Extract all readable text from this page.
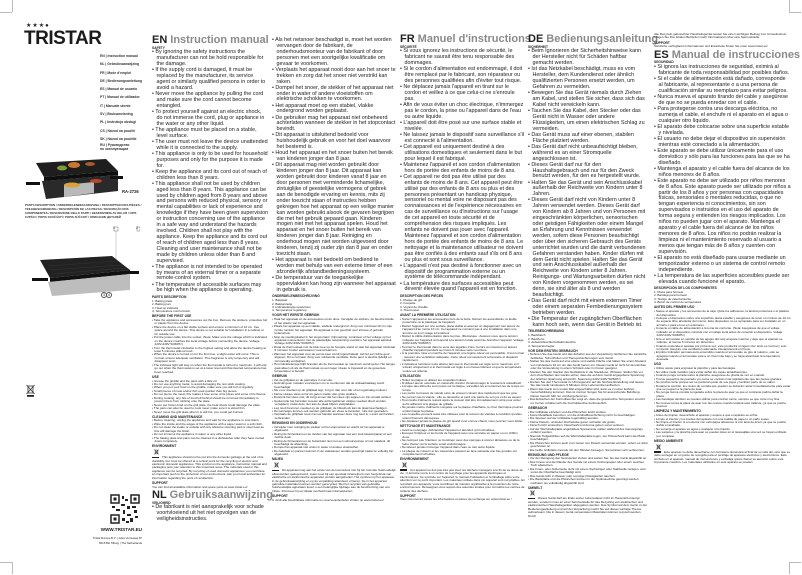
★★★●
TRISTAR
EN | Instruction manual
NL | Gebruiksaanwijzing
FR | Mode d'emploi
DE | Bedienungsanleitung
ES | Manual de usuario
PT | Manual de utilizador
IT | Manuale utente
SV | Bruksanvisning
PL | Instrukcja obsługi
CS | Návod na použití
SK | Návod na použitie
RU | Руководство по эксплуатации
RA-2726
PARTS DESCRIPTION / ONDERDELENBESCHRIJVING / DESCRIPTION DES PIÈCES / TEILEBESCHREIBUNG / DESCRIPCIÓN DE LAS PIEZAS / DESCRIÇÃO DOS COMPONENTES / DESCRIZIONE DELLE PARTI / BESKRIVNING AV DELAR / OPIS CZĘŚCI / POPIS SOUČÁSTÍ / POPIS SÚČASTÍ / ОПИСАНИЕ ДЕТАЛЕЙ
3 4
1	2
WWW.TRISTAR.EU
Tristar Europe B.V. | Jules Verneweg 87
5015 BH Tilburg | The Netherlands
EN Instruction manual
SAFETY
• By ignoring the safety instructions the manufacturer can not be hold responsible for the damage.
• If the supply cord is damaged, it must be replaced by the manufacturer, its service agent or similarly qualified persons in order to avoid a hazard.
• Never move the appliance by pulling the cord and make sure the cord cannot become entangled.
• To protect yourself against an electric shock, do not immerse the cord, plug or appliance in the water or any other liquid.
• The appliance must be placed on a stable, level surface.
• The user must not leave the device unattended while it is connected to the supply.
• This appliance is only to be used for household purposes and only for the purpose it is made for.
• Keep the appliance and its cord out of reach of children less than 8 years.
• This appliance shall not be used by children aged less than 8 years. This appliance can be used by children aged from 8 years and above and persons with reduced physical, sensory or mental capabilities or lack of experience and knowledge if they have been given supervision or instruction concerning use of the appliance in a safe way and understand the hazards involved. Children shall not play with the appliance. Keep the appliance and its cord out of reach of children aged less than 8 years. Cleaning and user maintenance shall not be made by children unless older than 8 and supervised.
• The appliance is not intended to be operated by means of an external timer or a separate remote-control system.
• The temperature of accessible surfaces may be high when the appliance is operating.
PARTS DESCRIPTION
1. Baking plate
2. Baking pan
3. Heat up indicator
4. Temperature control knob
BEFORE THE FIRST USE
• Take the appliance and accessories out the box. Remove the stickers, protective foil or plastic from the device.
• Place the device on a flat stable surface and ensure a minimum of 10 cm. free space around the device. This device is not suitable for installation in a cabinet or for outside use.
• Put the power cable into the socket. (Note: Make sure the voltage which is indicated on the device matches the local voltage before connecting the device. Voltage 220V-240V 50/60Hz)
• Turn the thermostat clockwise to the highest setting and allow the device heating at least 5 minutes without food.
• When the device is turned on for the first time, a slight odour will occur. This is normal, ensure adequate ventilation. This fragrance is only temporary and will disappear soon.
• The indicator light will stay on when the thermostat is turned to maximum, it will only go out when the thermostat is set at a lower level and that desired temperature has been reached.
USE
• Grease the griddle and the pans with a little oil.
• Do not use anything metal, to avoid damaging the non-stick coating.
• When you put your food on the griddle, make sure you will turn it regularly.
• Small pieces of meat and/or fish cook quicker than big pieces.
• Do not pierce the meat; this makes it lose some of its juices and some of its flavour.
• During cooking, any bits of food left behind should be removed immediately to prevent them from sticking onto the plate.
• Never put frozen food on the grill plate, the heat shock could damage the plate.
• The pans can also be used to cook meat; make sure it is sliced thin.
• Never move the grill plate when it is still hot, you could get burned.
CLEANING AND MAINTENANCE
• Before cleaning, unplug the appliance and wait for the appliance to cool down.
• Wipe the inside and the edges of the appliance with a paper towel or a soft cloth.
• Do not clean the inside or outside with any abrasive scouring pad or steel wool as this will damage the finish.
• Do not immerse the appliance in water or any other liquid.
• The baking plate and pans can be cleaned in a dishwasher after they have cooled down completely.
ENVIRONMENT
This appliance should not be put into the domestic garbage at the end of its durability, but must be offered at a central point for the recycling of electric and electronic domestic appliances. This symbol on the appliance, instruction manual and packaging puts your attention to this important issue. The materials used in this appliance can be recycled. By recycling of used domestic appliances you contribute an important push to the protection of our environment. Ask your local authorities for information regarding the point of recollection.
SUPPORT
You can find all available information and spare parts at www.tristar.eu!
NL Gebruiksaanwijzing
VEILIGHEID
• De fabrikant is niet aansprakelijk voor schade voortvloeiend uit het niet opvolgen van de veiligheidsinstructies.
• Als het netsnoer beschadigd is, moet het worden vervangen door de fabrikant, de onderhoudsmonteur van de fabrikant of door personen met een soortgelijke kwalificatie om gevaar te voorkomen.
• Verplaats het apparaat nooit door aan het snoer te trekken en zorg dat het snoer niet verstrikt kan raken.
• Dompel het snoer, de stekker of het apparaat niet onder in water of andere vloeistoffen om elektrische schokken te voorkomen.
• Het apparaat moet op een stabiel, vlakke ondergrond worden geplaatst.
• De gebruiker mag het apparaat niet onbeheerd achterlaten wanneer de stekker in het stopcontact bevindt.
• Dit apparaat is uitsluitend bedoeld voor huishoudelijk gebruik en voor het doel waarvoor het bestemd is.
• Houd het apparaat en het snoer buiten het bereik van kinderen jonger dan 8 jaar.
• Dit apparaat mag niet worden gebruikt door kinderen jonger dan 8 jaar. Dit apparaat kan worden gebruikt door kinderen vanaf 8 jaar en door personen met verminderde lichamelijke, zintuiglijke of geestelijke vermogens of gebrek aan de benodigde ervaring en kennis, mits zij onder toezicht staan of instructies hebben gekregen hoe het apparaat op een veilige manier kan worden gebruikt alsook de gevaren begrijpen die met het gebruik gepaard gaan. Kinderen mogen niet met het apparaat spelen. Houd het apparaat en het snoer buiten het bereik van kinderen jonger dan 8 jaar. Reiniging en onderhoud mogen niet worden uitgevoerd door kinderen, tenzij zij ouder zijn dan 8 jaar en onder toezicht staan.
• Het apparaat is niet bedoeld om bediend te worden met behulp van een externe timer of een afzonderlijk afstandbedieningssysteem.
• De temperatuur van de toegankelijke oppervlakken kan hoog zijn wanneer het apparaat in gebruik is.
ONDERDELENBESCHRIJVING
1. Bakplaat
2. Bakpannetje
3. Indicatielampje opwarmen
4. Temperatuur regelknop
VOOR HET EERSTE GEBRUIK
• Haal het apparaat en de accessoires uit de doos. Verwijder de stickers, de beschermfolie of het plastic van het apparaat.
• Plaats het apparaat op een vlakke, stabiele ondergrond. Zorg voor minimaal 10 cm vrije ruimte rondom het apparaat. Dit apparaat is niet geschikt voor inbouw of gebruik buitenshuis.
• Stop de voedingskabel in het stopcontact. (Opmerking: controleer of het voltage op het apparaat overeenkomt met de plaatselijke netspanning voordat u het apparaat aansluit. Voltage 220V-240V 50/60Hz)
• Draai de thermostaat met de klok mee op de hoogste stand en laat het apparaat minimaal 5 minuten zonder etenswaren voorverwarmen.
• Wanneer het apparaat voor de eerste keer wordt ingeschakeld, zal het een lichte geur afgeven. Dit is normaal. Zorg voor voldoende ventilatie. Deze geur is slechts tijdelijk en zal spoedig verdwijnen.
• Het indicatielampje blijft branden als de thermostaat op maximum wordt gezet. Het lampje gaat alleen uit als de thermostaat op een lager niveau is ingesteld en de gewenste temperatuur is bereikt.
GEBRUIK
• Vet de grillplaat en de pannetjes in met olie.
• Gebruik geen metalen voorwerpen om te voorkomen dat de antiaanbaklaag wordt beschadigd.
• Als u uw voedsel op de grillplaat legt, zorg er dan voor dat u het regelmatig omkeert.
• Kleine stukjes vlees en/of vis garen sneller dan grote stukken.
• Doorprik het vlees niet; dit zorgt ervoor dat het vlees zijn sappen en zijn smaak verliest.
• Gedurende het bereiden moeten alle achtergebleven stukjes voedsel direct worden verwijderd, zodat deze niet aan de plaat blijven vastplakken.
• Leg nooit bevroren voedsel op de grillplaat; de hitteshock kan de plaat beschadigen.
• De pannetjes kunnen ook worden gebruikt om vlees te bereiden, mits dun gesneden.
• Verplaats de grillplaat nooit met uw handen wanneer deze nog heet is; u kunt uw handen verbranden.
REINIGING EN ONDERHOUD
• Verwijder voor reiniging de stekker uit het stopcontact en wacht tot het apparaat is afgekoeld.
• Reinig de binnenkant en de randen van het apparaat met een stuk keukenpapier of een zachte doek.
• Reinig de binnenkant en de buitenkant niet met een schuursponsje of met staalwol, dit beschadigt de afwerking.
• Dompel het apparaat niet onder in water of andere vloeistoffen.
• De bakplaat en pannen kunnen in de vaatwasser worden gereinigd nadat ze volledig zijn afgekoeld.
MILIEU
Dit apparaat mag aan het einde van de levensduur niet bij het normale huishoudelijk afval worden gedeponeerd, maar moet bij een speciaal inzamelpunt voor hergebruik van elektrische en elektronische apparaten worden aangeboden. Het symbool op het apparaat, in de gebruiksaanwijzing en op de verpakking attendeert u hierop. De in het apparaat gebruikte materialen kunnen worden gerecycled. Met het recyclen van gebruikte huishoudelijke apparaten levert u een belangrijke bijdrage aan de bescherming van ons milieu. Informeer bij uw lokale overheid naar inzamelpunten.
SUPPORT
U vindt alle beschikbare informatie en reserveonderdelen vinden op www.tristar.eu!
FR Manuel d'instructions
SÉCURITÉ
• Si vous ignorez les instructions de sécurité, le fabricant ne saurait être tenu responsable des dommages.
• Si le cordon d'alimentation est endommagé, il doit être remplacé par le fabricant, son réparateur ou des personnes qualifiées afin d'éviter tout risque.
• Ne déplacez jamais l'appareil en tirant sur le cordon et veillez à ce que celui-ci ne s'enroule pas.
• Afin de vous éviter un choc électrique, n'immergez pas le cordon, la prise ou l'appareil dans de l'eau ou autre liquide.
• L'appareil doit être posé sur une surface stable et nivelée.
• Ne laissez jamais le dispositif sans surveillance s'il est connecté à l'alimentation.
• Cet appareil est uniquement destiné à des utilisations domestiques et seulement dans le but pour lequel il est fabriqué.
• Maintenez l'appareil et son cordon d'alimentation hors de portée des enfants de moins de 8 ans.
• Cet appareil ne doit pas être utilisé par des enfants de moins de 8 ans. Cet appareil peut être utilisé par des enfants de 8 ans ou plus et des personnes présentant un handicap physique, sensoriel ou mental voire ne disposant pas des connaissances et de l'expérience nécessaires en cas de surveillance ou d'instructions sur l'usage de cet appareil en toute sécurité et de compréhension des risques impliqués. Les enfants ne doivent pas jouer avec l'appareil. Maintenez l'appareil et son cordon d'alimentation hors de portée des enfants de moins de 8 ans. Le nettoyage et la maintenance utilisateur ne doivent pas être confiés à des enfants sauf s'ils ont 8 ans ou plus et sont sous surveillance.
• L'appareil n'est pas destiné à fonctionner avec un dispositif de programmation externe ou un système de télécommande indépendant.
• La température des surfaces accessibles peut devenir élevée quand l'appareil est en fonction.
DESCRIPTION DES PIÈCES
1. Plaque de gril
2. Coupelle
3. Voyant de chauffe
4. Thermostat
AVANT LA PREMIÈRE UTILISATION
• Sortez l'appareil et les accessoires hors de la boîte. Retirez les autocollants, la feuille protectrice ou le plastique de l'appareil.
• Mettez l'appareil sur une surface plane stable et assurez un dégagement tout autour de l'appareil d'au moins 10 cm. Cet appareil ne convient pas à une installation dans une armoire ou à un usage à l'extérieur.
• Mettez le câble d'alimentation dans la prise. (Remarque : Assurez-vous que la tension indiquée sur l'appareil correspond à la tension locale avant de brancher l'appareil. Voltage 220V-240V 50/60Hz)
• Tournez le thermostat dans le sens des aiguilles d'une montre au maximum et laissez chauffer l'appareil pendant au moins 5 minutes sans nourriture.
• À la première mise en marche de l'appareil, une légère odeur est perceptible. C'est normal ; assurez une ventilation adéquate. Cette odeur est seulement temporaire et disparaît rapidement.
• L'indicateur lumineux reste allumé tant que le thermostat est réglé sur le maximum et il s'éteint uniquement si le thermostat est réglé à un niveau inférieur et que la température voulue est atteinte.
UTILISATION
• Huilez la plaque et utilisez les coupelles huilées.
• N'utilisez aucun ustensile en métal afin d'éviter d'endommager le revêtement antiadhésif.
• Lorsque des aliments sont posés sur la plaque, surveillez-les et retournez-les de temps en temps.
• Les petits morceaux de viande et/ou de poisson cuisent plus rapidement que les gros.
• Ne percez pas la viande ; elle se dessèche et perd une partie de son jus et de sa saveur.
• Tout résidu d'aliments restant après la cuisson doit être immédiatement retiré pour éviter qu'ils adhèrent à la plaque de grillade.
• Ne jamais mettre d'aliments congelés sur la plaque chauffante, le choc thermique pourrait endommager la plaque.
• Les coupelles peuvent aussi être utilisées pour la cuisson de viandes à condition qu'elles soient finement découpées.
• Ne déplacez jamais la plaque du gril quand il est encore chaud, vous pourriez vous brûler.
NETTOYAGE ET MAINTENANCE
• Avant le nettoyage, débranchez l'appareil et attendez qu'il refroidisse.
• Essuyez l'intérieur et les bords de l'appareil avec une serviette en papier ou un chiffon doux.
• Ne nettoyez pas l'intérieur ou l'extérieur avec des éponges à récurer abrasives ou de la laine d'acier car la surface serait endommagée.
• Ne laissez jamais immerger l'appareil dans l'eau ou tout autre liquide.
• La plaque de cuisson et les casseroles passent au lave-vaisselle une fois qu'elles ont complètement refroidies.
ENVIRONNEMENT
Cet appareil ne doit pas être jeté avec les déchets ménagers à la fin de sa durée de vie ; il doit être remis à un centre de recyclage pour les appareils électriques et électroniques. Ce symbole sur l'appareil, le manuel d'utilisation et l'emballage attire votre attention sur ce point important. Les matériaux utilisés dans cet appareil sont recyclables. En recyclant vos appareils, vous contribuez de manière significative à la protection de notre environnement. Renseignez-vous auprès des autorités locales pour connaître les centres de collecte des déchets.
SUPPORT
Vous retrouverez toutes les informations et pièces de rechange sur www.tristar.eu !
DE Bedienungsanleitung
SICHERHEIT
• Beim Ignorieren der Sicherheitshinweise kann der Hersteller nicht für Schäden haftbar gemacht werden.
• Ist das Netzkabel beschädigt, muss es vom Hersteller, dem Kundendienst oder ähnlich qualifizierten Personen ersetzt werden, um Gefahren zu vermeiden.
• Bewegen Sie das Gerät niemals durch Ziehen am Kabel, und stellen Sie sicher, dass sich das Kabel nicht verwickeln kann.
• Tauchen Sie das Kabel, den Stecker oder das Gerät nicht in Wasser oder andere Flüssigkeiten, um einen elektrischen Schlag zu vermeiden.
• Das Gerät muss auf einer ebenen, stabilen Fläche platziert werden.
• Das Gerät darf nicht unbeaufsichtigt bleiben, während es an einer Stromquelle angeschlossen ist.
• Dieses Gerät darf nur für den Haushaltsgebrauch und nur für den Zweck benutzt werden, für den es hergestellt wurde.
• Halten Sie das Gerät und sein Anschlusskabel außerhalb der Reichweite von Kindern unter 8 Jahren.
• Dieses Gerät darf nicht von Kindern unter 8 Jahren verwendet werden. Dieses Gerät darf von Kindern ab 8 Jahren und von Personen mit eingeschränkten körperlichen, sensorischen oder geistigen Fähigkeiten oder einem Mangel an Erfahrung und Kenntnissen verwendet werden, sofern diese Personen beaufsichtigt oder über den sicheren Gebrauch des Geräts unterrichtet wurden und die damit verbundenen Gefahren verstanden haben. Kinder dürfen mit dem Gerät nicht spielen. Halten Sie das Gerät und sein Anschlusskabel außerhalb der Reichweite von Kindern unter 8 Jahren. Reinigungs- und Wartungsarbeiten dürfen nicht von Kindern vorgenommen werden, es sei denn, sie sind älter als 8 und werden beaufsichtigt.
• Das Gerät darf nicht mit einem externen Timer oder einem separaten Fernbedienungssystem betrieben werden.
• Die Temperatur der zugänglichen Oberflächen kann hoch sein, wenn das Gerät in Betrieb ist.
TEILEBESCHREIBUNG
1. Backblech
2. Backform
3. Aufwärmleuchte/Aufwärmleuchte
4. Temperaturregler
VOR DEM ERSTEN GEBRAUCH
• Nehmen Sie das Gerät und das Zubehör aus der Verpackung. Entfernen Sie sämtliche Aufkleber, Schutzfolien und Transportsicherungen vom Gerät.
• Stellen Sie das Gerät auf eine ebene und stabile Fläche und halten Sie einen Abstand von mindestens 10 cm um das Gerät herum ein. Dieses Gerät ist nicht für den Einbau oder die Verwendung in einem Schrank oder im Freien geeignet.
• Stecken Sie den Stecker des Netzkabels in die Steckdose. (Hinweis: Stellen Sie vor dem Anschließen des Geräts sicher, dass die auf dem Gerät angegebene Spannung der örtlichen Spannung entspricht. Spannung 220V-240V 50/60Hz)
• Drehen Sie den Thermostat im Uhrzeigersinn auf die höchste Einstellung und lassen Sie das Gerät mindestens 5 Minuten ohne Lebensmittel aufheizen.
• Wenn das Gerät zum ersten Mal eingeschaltet wird, kann es zu einer leichten Geruchsbildung kommen. Das ist normal. Sorgen Sie für ausreichende Belüftung. Dieser Geruch hält nur vorübergehend an.
• Das Erlöschen der Kontrollleuchte zeigt an, dass die gewünschte Temperatur erreicht ist. Ferner schaltet sich die Kontrollleuchte kontinuierlich.
GEBRAUCH
• Die Grillplatte einfetten und die Pfännchen leicht einölen.
• Keine Metallteile benutzen, um die Antihaftbeschichtung nicht zu beschädigen.
• Die Speisen auf der Grillplatte regelmäßig wenden.
• Kleine Fleisch- und/oder Fischstücke garen schneller als große.
• Fleisch nicht einstechen; Fleischsaft und Aroma gehen sonst verloren.
• Auf der Warmhalteplatte angehaftete Speisereste sollten während des Garvorgangs entfernt werden.
• Niemals Tiefgekühltes auf die Warmhalteplatte legen, der Hitzeschock kann die Platte beschädigen.
• Die Pfännchen können auch zum Garen von Fleisch verwendet werden, sofern es dünn geschnitten ist.
• Die heiße Grillplatte niemals mit den Händen bewegen, Sie könnten sich verbrennen.
REINIGUNG UND PFLEGE
• Vor der Reinigung den Netzstecker ziehen und warten Sie, bis das Gerät abgekühlt ist.
• Das Innere und die Ränder des Geräts mit einem Küchenpapier oder einem weichen Tuch abwischen.
• Die Innen- oder Außenseite nicht mit einem Topfreiniger oder Stahlwolle reinigen, weil sonst die Oberfläche beschädigt wird.
• Das Gerät nicht in Wasser oder sonstige Flüssigkeiten tauchen.
• Die Backplatte und die Pfännchen können in der Spülmaschine gereinigt werden, nachdem sie vollständig abgekühlt sind.
UMWELT
Dieses Gerät darf am Ende seiner Lebensdauer nicht im Hausmüll entsorgt werden, sondern muss an einer Sammelstelle für das Recycling von elektrischen und elektronischen Haushaltsgeräten abgegeben werden. Das Symbol auf dem Gerät, in der Bedienungsanleitung und auf der Verpackung macht Sie auf dieses wichtige Thema aufmerksam. Die in diesem Gerät verwendeten Materialien können recycelt werden. Durch
das Recyceln gebrauchter Haushaltsgeräte leisten Sie einen wichtigen Beitrag zum Umweltschutz. Fragen Sie Ihre lokalen Behörden nach Informationen über eine Sammelstelle.
SUPPORT
Sämtliche verfügbaren Informationen und Ersatzteile finden Sie unter www.tristar.eu!
ES Manual de instrucciones
SEGURIDAD
• Si ignora las instrucciones de seguridad, eximirá al fabricante de toda responsabilidad por posibles daños.
• Si el cable de alimentación está dañado, corresponde al fabricante, al representante o a una persona de cualificación similar su reemplazo para evitar peligros.
• Nunca mueva el aparato tirando del cable y asegúrese de que no se pueda enredar con el cable.
• Para protegerse contra una descarga eléctrica, no sumerja el cable, el enchufe ni el aparato en el agua o cualquier otro líquido.
• El aparato debe colocarse sobre una superficie estable y nivelada.
• El usuario no debe dejar el dispositivo sin supervisión mientras esté conectado a la alimentación.
• Este aparato se debe utilizar únicamente para el uso doméstico y sólo para las funciones para las que se ha diseñado.
• Mantenga el aparato y el cable fuera del alcance de los niños menores de 8 años.
• Este aparato no debe ser utilizado por niños menores de 8 años. Este aparato puede ser utilizado por niños a partir de los 8 años y por personas con capacidades físicas, sensoriales o mentales reducidas, o que no tengan experiencia ni conocimientos, sin son supervisados o instruidos en el uso del aparato de forma segura y entienden los riesgos implicados. Los niños no pueden jugar con el aparato. Mantenga el aparato y el cable fuera del alcance de los niños menores de 8 años. Los niños no podrán realizar la limpieza ni el mantenimiento reservado al usuario a menos que tengan más de 8 años y cuenten con supervisión.
• El aparato no está diseñado para usarse mediante un temporizador externo o un sistema de control remoto independiente.
• La temperatura de las superficies accesibles puede ser elevada cuando funcione el aparato.
DESCRIPCIÓN DE LOS COMPONENTES
1. Placa para hornear
2. Bandeja para hornear
3. Testigo de calentamiento
4. Botón de control de temperatura
ANTES DEL PRIMER USO
• Saque el aparato y los accesorios de la caja. Quite los adhesivos, la lámina protectora o el plástico del dispositivo.
• Coloque el dispositivo sobre una superficie plana estable y asegúrese de tener un mínimo de 10 cm de espacio libre alrededor del mismo. Este dispositivo no es apropiado para ser instalado en un armario o para el uso en exteriores.
• Conecte el cable de alimentación a la toma de corriente. (Nota: Asegúrese de que el voltaje indicado en el dispositivo coincide con el voltaje local antes de conectar el dispositivo. Voltaje 220V-240V 50/60Hz)
• Gire el termostato en sentido de las agujas del reloj al ajuste máximo y deje que el aparato se caliente, al menos 5 minutos sin alimentos.
• Cuando encienda el aparato por primera vez, este producirá un ligero olor. Esto es normal y solo temporal. Asegure una ventilación adecuada. Desaparecerá en breve.
• El piloto indicador permanecerá encendido cuando el termostato se gire al máximo, solo se apagará cuando el termostato esté a un nivel más bajo y se haya alcanzado la temperatura deseada.
USO
• Utilice aceite para engrasar la plancha y para las bandejas.
• No utilice nada metálico para evitar dañar las capas antiadherentes.
• Cuando ponga comida sobre la plancha, asegúrese de girarla de vez en cuando.
• Trozos pequeños de pescado y/o carne se cocinan más rápidamente que las piezas grandes.
• No pincha carne porque así se perderán parte de sus jugos y también parte de su sabor.
• Durante la cocción, los restos de comida que queden se deberán retirar inmediatamente para evitar que se peguen a la placa de asar.
• No ponga nunca comida congelada sobre la placa de asar ya que el contraste podría dañar la placa.
• Las bandejas también se pueden utilizar para cocinar carne, siempre se que corte muy fina.
• No mueva nunca la placa de asar con las manos cuando todavía esté caliente, ya que se podría quemar.
LIMPIEZA Y MANTENIMIENTO
• Antes de limpiar, desenchufe el aparato y espere a que el aparato se enfríe.
• Limpie el interior y los bordes del aparato con una toallita de papel o un paño suave.
• No limpie el interior ni el exterior con estropajos abrasivos ni con lana de acero ya que se podría dañar el acabado.
• No sumerja el aparato en agua o cualquier otro líquido.
• Las sartenes y la plancha para asar se pueden lavar en el lavavajillas una vez se hayan enfriado por completo.
MEDIO AMBIENTE
Este aparato no debe desecharse con la basura doméstica al final de su vida útil, sino que se debe entregar en un punto de recogida para el reciclaje de aparatos eléctricos y electrónicos. Este símbolo en el aparato, manual de instrucciones y embalaje quiere llamar su atención sobre este importante cuestión. Los materiales utilizados en este aparato se pueden
